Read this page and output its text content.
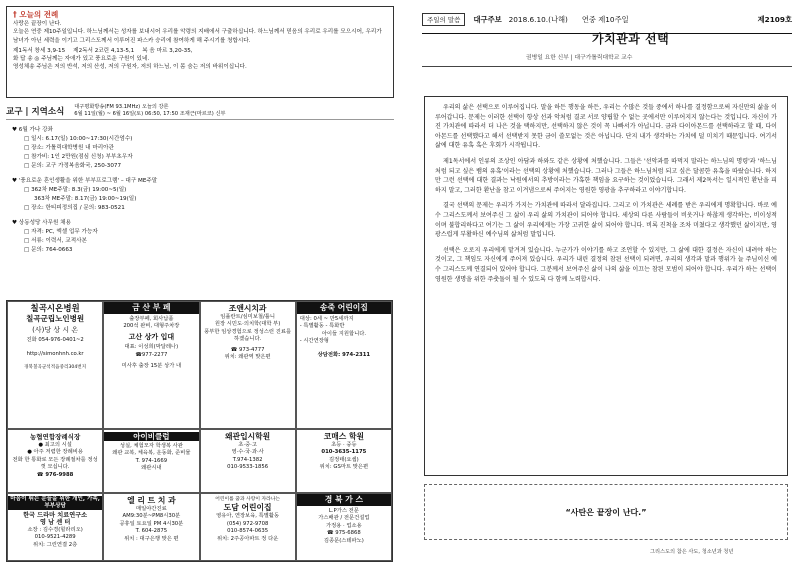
† 오늘의 전례
사랑은 끝장이 난다.
오늘은 연중 제10주일입니다. 하느님께서는 성자를 보내시어 우리를 악령의 지배에서 구출하십니다. 하느님께서 믿음의 우리로 우리를 모으시어, 우리가 남녀가 아닌 세력을 이기고 그리스도께서 이루어진 파스카 승리에 참여하게 해 주시기를 청합시다.
제1독서 창세 3,9-15 제2독서 2코린 4,13-5,1 복 음 마르 3,20-35,
화 답 송 ◎ 주님께는 자애가 있고 풍요로운 구원이 있네.
영성체송 주님은 저의 반석, 저의 산성, 저의 구원자, 저의 하느님, 이 몸 숨는 저의 바위이십니다.
교구 | 지역소식 대구평화방송(FM 93.1MHz) 오늘의 강론
6월 11일(월) ~ 6월 16일(토) 06:50, 17:50 조재근(마르코) 신부
♥ 6월 가나 강좌
□ 일시: 6.17(일) 10:00~17:30(시간엄수)
□ 장소: 가톨릭대학병원 내 마리아관
□ 참가비: 1인 2만원(점심 신청) 부부초우자
□ 문의: 교구 가정복음화국, 250-3077
♥ '풍요로운 혼인생활을 위한 부부프로그램' – 대구 ME주말
□ 362차 ME주말: 8.3(금) 19:00~5(일)
363차 ME주말: 8.17(금) 19:00~19(일)
□ 장소: 한티피정의집 / 문의: 983-0521
♥ 상동성당 사무원 채용
□ 자격: PC, 엑셀 업무 가능자
□ 서류: 이력서, 교적사본
□ 문의: 764-0663
칠곡시온병원
칠곡군립노인병원
(사)당 상 시 온
진화 054-976-0401~2
http://simonhnh.co.kr
경북칠곡군석적읍중리304번지
금 산 부 페
출장부페, 회사납품
200석 완비, 대형주차장
고산 상가 입대
대표: 이성희(막달레나)
☎977-2277
미사후 출장 15분 상가 내
조앤시치과
임플란트/심미보철/틀니
원장 시민도·의치학(대학 부)
풍부한 임상경험으로 정성스런 진료를 하겠습니다.
☎ 973-4777
위치: 왜관역 맞은편
송죽 어린이집
대상: 0세 ~ 만5세까지
- 특별활동 - 특화반
아이들 지원합니다.
- 시간연장형
상담전화: 974-2311
농협연합장례식장
● 최고의 시설
● 아주 저렴한 장례비용
전화 한 통화로 모든 장례절차를 정성껏 모십니다.
☎ 976-9988
아이비클럽
성실, 체험모자 학생복 사관
왜관 교복, 체육복, 운동화, 준비물
T. 974-1669
왜관시내
왜관입시학원
초·중·고
영·수·국·과·사
T.974-1382
010-9533-1856
코매스 학원
초등 · 중등
010-3635-1175
김정태(요셉)
위치: GS마트 맞은편
마음이 뛰는 분들을 위한 개인, 가족, 부부상담
한국 드라마 치료연구소
영 남 센 터
소장 : 김수경(힐라리오)
010-9521-4289
위치: 그린연결 2층
엘 리 트 치 과
매일야간진료
AM9:30분~PM8시30분
공휴일 토요일 PM 4시30분
T. 604-2875
위치 : 대구은행 맞은 편
어린이를 꿈과 사랑이 자라나는
도담 어린이집
영유아, 연장보육, 특별활동
(054) 972-9708
010-8574-0635
위치: 2주공아파트 정 다운
경 북 가 스
L.P가스 전문
가스배관 / 전문건설업
가정용 · 업소용
☎ 975-6868
김종문(스테파노)
주일의 말씀	대구주보 2018.6.10.(나해) 연중 제10주일	제2109호
가치관과 선택
권병일 요한 신부 | 대구가톨릭대학교 교수

우리의 삶은 선택으로 이루어집니다. 말을 하든 행동을 하든, 우리는 수많은 것들 중에서 하나를 결정함으로써 자신만의 삶을 이루어갑니다. 문제는 이러한 선택이 항상 선과 악처럼 결코 서로 양립할 수 없는 곳에서만 이루어지지 않는다는 것입니다. 자신이 가진 가치관에 따라서 더 나은 것을 택하지만, 선택하지 않은 것이 꼭 나빠서가 아닙니다. 금과 다이아몬드를 선택하라고 할 때, 다이아몬드를 선택했다고 해서 선택받지 못한 금이 쓸모없는 것은 아닙니다. 단지 내가 생각하는 가치에 덜 미치기 때문입니다. 여기서 삶에 대한 유혹 혹은 후회가 시작됩니다.

제1독서에서 인류의 조상인 아담과 하와도 같은 상황에 처했습니다. 그들은 '선악과를 따먹지 말라는 하느님의 명령'과 '하느님처럼 되고 싶은 뱀의 유혹'이라는 선택의 상황에 처했습니다. 그러나 그들은 하느님처럼 되고 싶은 달콤한 유혹을 따랐습니다. 하지만 그런 선택에 대한 결과는 낙원에서의 추방이라는 가혹한 책임을 요구하는 것이었습니다. 그래서 제2독서는 일시적인 환난을 피하지 말고, 그러한 환난을 참고 이겨냄으로써 주어지는 영원한 영광을 추구하라고 이야기합니다.

결국 선택의 문제는 우리가 가지는 가치관에 따라서 달라집니다. 그리고 이 가치관은 세례를 받은 우리에게 명확합니다. 바로 예수 그리스도께서 보여주신 그 삶이 우리 삶의 가치관이 되어야 합니다. 세상의 다른 사람들이 비웃거나 하찮게 생각하는, 비이성적이며 불합리하다고 여기는 그 삶이 우리에게는 가장 고귀한 삶이 되어야 합니다. 비록 진척을 조차 미쳤다고 생각했던 삶이지만, 영광스럽게 부활하신 예수님의 삶처럼 말입니다.

선택은 오로지 우리에게 맡겨져 있습니다. 누군가가 이야기를 하고 조언할 수 있지만, 그 삶에 대한 결정은 자신이 내려야 하는 것이고, 그 책임도 자신에게 주어져 있습니다. 우리가 내린 결정의 참된 선택이 되려면, 우리의 생각과 말과 행위가 늘 주님이신 예수 그리스도께 연결되어 있어야 합니다. 그분께서 보여주신 삶이 나의 삶을 이끄는 참된 모범이 되어야 합니다. 우리가 하는 선택이 영원한 생명을 위한 주춧돌이 될 수 있도록 다 함께 노력합시다.

“사탄은 끝장이 난다.”
그리스도의 참은 사도, 청소년과 청년
